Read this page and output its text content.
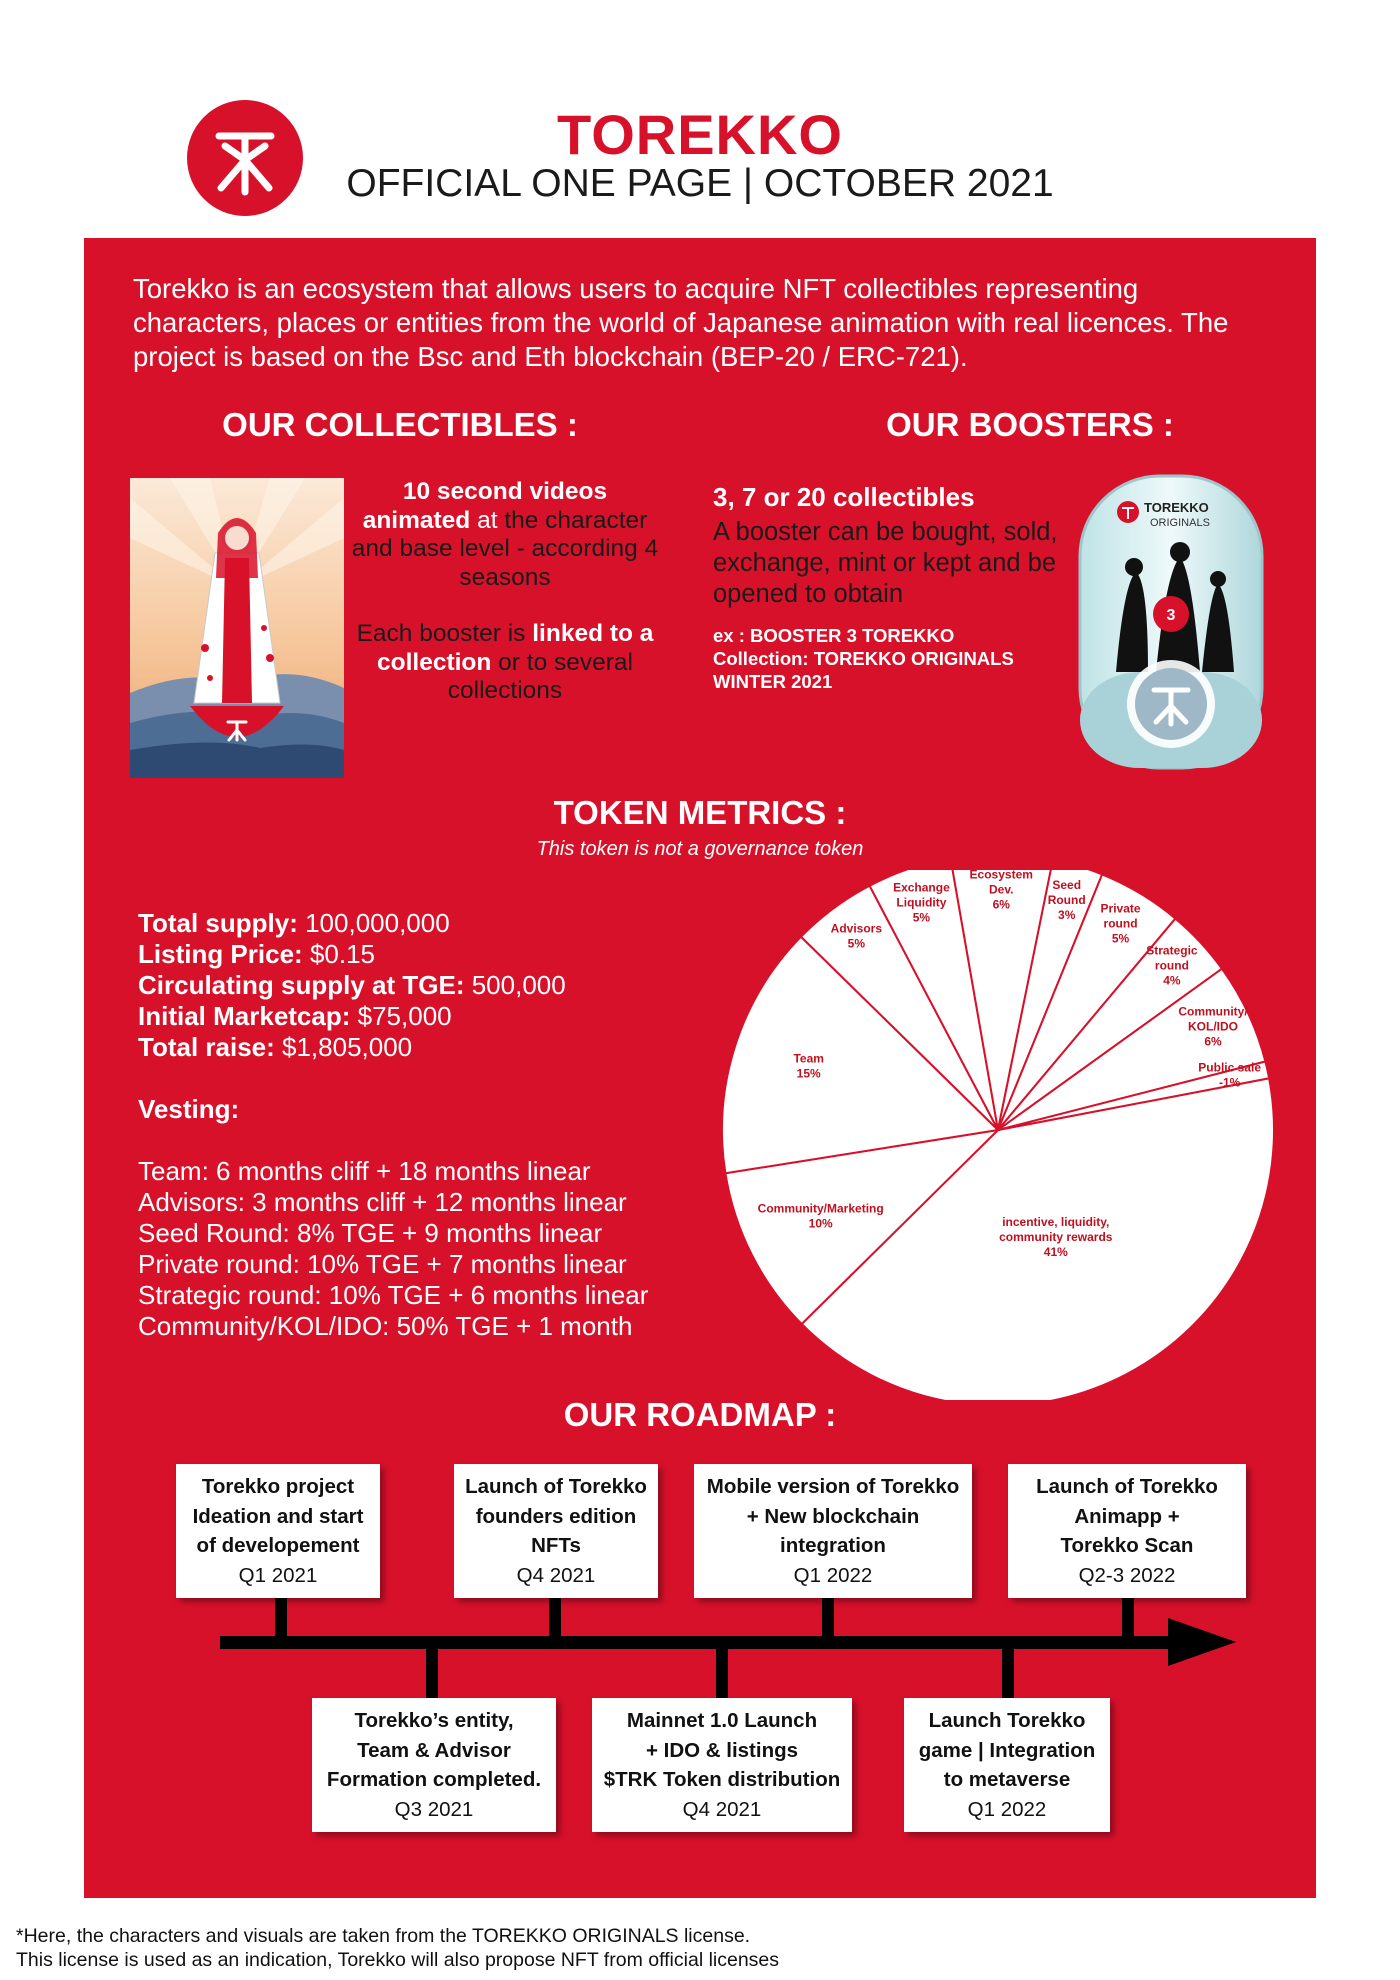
TOREKKO
OFFICIAL ONE PAGE | OCTOBER 2021
Torekko is an ecosystem that allows users to acquire NFT collectibles representing characters, places or entities from the world of Japanese animation with real licences. The project is based on the Bsc and Eth blockchain (BEP-20 / ERC-721).
OUR COLLECTIBLES :	OUR BOOSTERS :
10 second videos
animated at the character and base level - according 4 seasons
Each booster is linked to a collection or to several collections
3, 7 or 20 collectibles
A booster can be bought, sold, exchange, mint or kept and be opened to obtain
ex : BOOSTER 3 TOREKKO
Collection: TOREKKO ORIGINALS
WINTER 2021
TOREKKO
ORIGINALS
3
TOKEN METRICS :
This token is not a governance token
Total supply: 100,000,000
Listing Price: $0.15
Circulating supply at TGE: 500,000
Initial Marketcap: $75,000
Total raise: $1,805,000
Vesting:
Team: 6 months cliff + 18 months linear
Advisors: 3 months cliff + 12 months linear
Seed Round: 8% TGE + 9 months linear
Private round: 10% TGE + 7 months linear
Strategic round: 10% TGE + 6 months linear
Community/KOL/IDO: 50% TGE + 1 month
incentive, liquidity, community rewards 41%
Community/Marketing 10%
Team 15%
Advisors 5%
Exchange Liquidity 5%
Ecosystem Dev. 6%
Seed Round 3%	Private round 5%
Strategic round 4%
Community/ KOL/IDO 6%
Public sale -1%
OUR ROADMAP :
Torekko project
Ideation and start
of developement
Q1 2021
Launch of Torekko
founders edition
NFTs
Q4 2021
Mobile version of Torekko
+ New blockchain
integration
Q1 2022
Launch of Torekko
Animapp +
Torekko Scan
Q2-3 2022
Torekko’s entity,
Team & Advisor
Formation completed.
Q3 2021
Mainnet 1.0 Launch
+ IDO & listings
$TRK Token distribution
Q4 2021
Launch Torekko
game | Integration
to metaverse
Q1 2022
*Here, the characters and visuals are taken from the TOREKKO ORIGINALS license.
This license is used as an indication, Torekko will also propose NFT from official licenses
